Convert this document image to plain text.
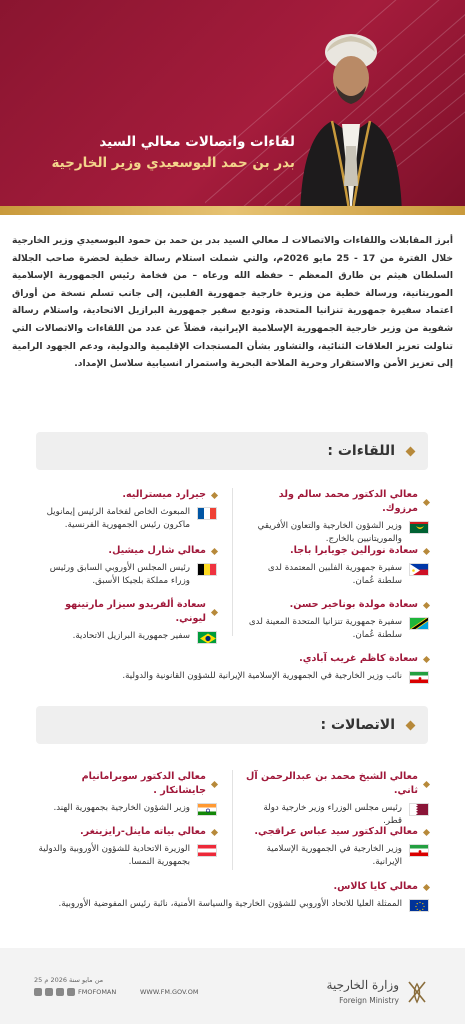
لقاءات واتصالات معالي السيد
بدر بن حمد البوسعيدي وزير الخارجية
أبرز المقابلات واللقاءات والاتصالات لـ معالي السيد بدر بن حمد بن حمود البوسعيدي وزير الخارجية خلال الفترة من 17 - 25 مايو 2026م، والتي شملت استلام رسالة خطية لحضرة صاحب الجلالة السلطان هيثم بن طارق المعظم – حفظه الله ورعاه – من فخامة رئيس الجمهورية الإسلامية الموريتانية، ورسالة خطية من وزيرة خارجية جمهورية الفلبين، إلى جانب تسلم نسخة من أوراق اعتماد سفيرة جمهورية تنزانيا المتحدة، وتوديع سفير جمهورية البرازيل الاتحادية، واستلام رسالة شفوية من وزير خارجية الجمهورية الإسلامية الإيرانية، فضلاً عن عدد من اللقاءات والاتصالات التي تناولت تعزيز العلاقات الثنائية، والتشاور بشأن المستجدات الإقليمية والدولية، ودعم الجهود الرامية إلى تعزيز الأمن والاستقرار وحرية الملاحة البحرية واستمرار انسيابية سلاسل الإمداد.
اللقاءات :
معالي الدكتور محمد سالم ولد مرزوك.
وزير الشؤون الخارجية والتعاون الأفريقي والموريتانيين بالخارج.
جيرارد ميستراليه.
المبعوث الخاص لفخامة الرئيس إيمانويل ماكرون رئيس الجمهورية الفرنسية.
سعادة نورالين جويابرا باجا.
سفيرة جمهورية الفلبين المعتمدة لدى سلطنة عُمان.
معالي شارل ميشيل.
رئيس المجلس الأوروبي السابق ورئيس وزراء مملكة بلجيكا الأسبق.
سعادة مولدة بوناخير حسن.
سفيرة جمهورية تنزانيا المتحدة المعينة لدى سلطنة عُمان.
سعادة ألفريدو سيزار مارتينهو ليوني.
سفير جمهورية البرازيل الاتحادية.
سعادة كاظم غريب آبادي.
نائب وزير الخارجية في الجمهورية الإسلامية الإيرانية للشؤون القانونية والدولية.
الاتصالات :
معالي الشيخ محمد بن عبدالرحمن آل ثاني.
رئيس مجلس الوزراء وزير خارجية دولة قطر.
معالي الدكتور سوبرامانيام جايشانكار .
وزير الشؤون الخارجية بجمهورية الهند.
معالي الدكتور سيد عباس عراقجي.
وزير الخارجية في الجمهورية الإسلامية الإيرانية.
معالي بياته ماينل-رايزينغر.
الوزيرة الاتحادية للشؤون الأوروبية والدولية بجمهورية النمسا.
معالي كايا كالاس.
الممثلة العليا للاتحاد الأوروبي للشؤون الخارجية والسياسة الأمنية، نائبة رئيس المفوضية الأوروبية.
25 من مايو سنة 2026 م
FMOFOMAN	WWW.FM.GOV.OM	وزارة الخارجية
Foreign Ministry
